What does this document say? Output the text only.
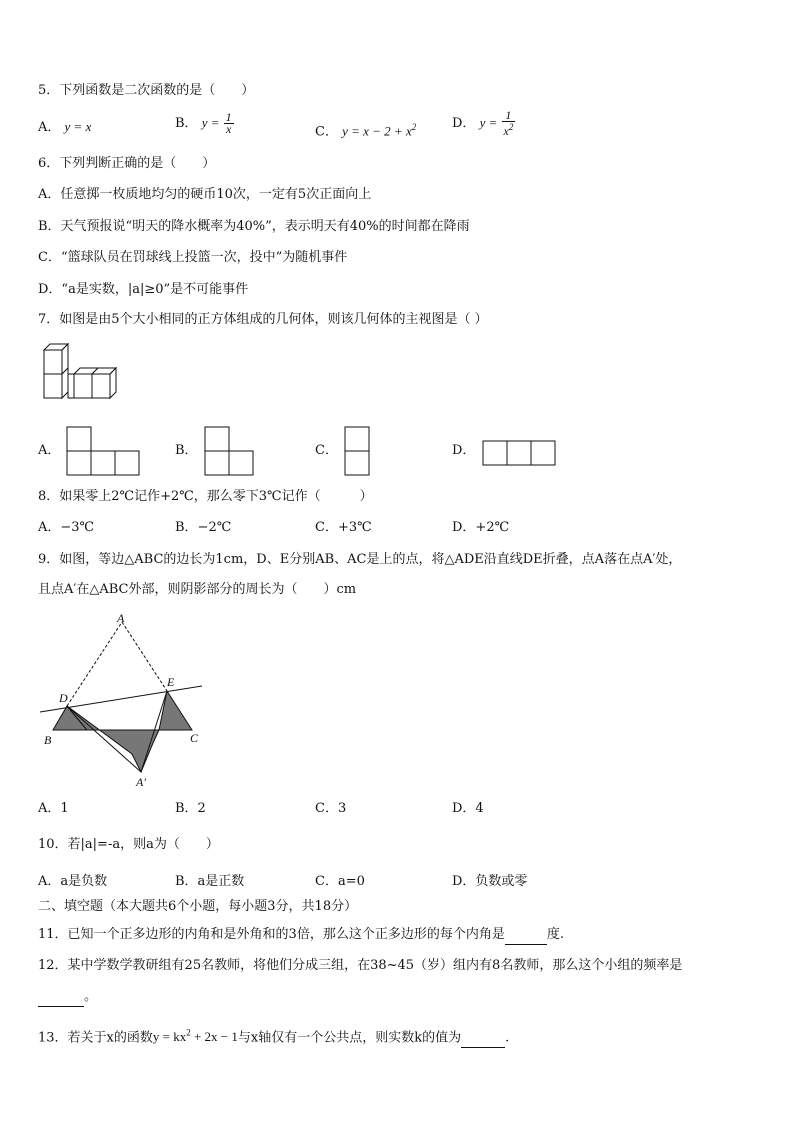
5．下列函数是二次函数的是（　　）
A． y = x	B． $y = \frac{1}{x}$	C． $y = x - 2 + x^2$	D． $y = \frac{1}{x^2}$
6．下列判断正确的是（　　）
A．任意掷一枚质地均匀的硬币10次，一定有5次正面向上
B．天气预报说“明天的降水概率为40%”，表示明天有40%的时间都在降雨
C．“篮球队员在罚球线上投篮一次，投中”为随机事件
D．“a是实数，|a|≥0”是不可能事件
7．如图是由5个大小相同的正方体组成的几何体，则该几何体的主视图是（ ）
A．	B．	C．	D．
8．如果零上2℃记作+2℃，那么零下3℃记作（　　　）
A．−3℃	B．−2℃	C．+3℃	D．+2℃
9．如图，等边△ABC的边长为1cm，D、E分别AB、AC是上的点，将△ADE沿直线DE折叠，点A落在点A′处，
且点A′在△ABC外部，则阴影部分的周长为（　　）cm
A
D
E
B	C
A′
A．1	B．2	C．3	D．4
10．若|a|=-a，则a为（　　）
A．a是负数	B．a是正数	C．a=0	D．负数或零
二、填空题（本大题共6个小题，每小题3分，共18分）
11．已知一个正多边形的内角和是外角和的3倍，那么这个正多边形的每个内角是	度.
12．某中学数学教研组有25名教师，将他们分成三组，在38~45（岁）组内有8名教师，那么这个小组的频率是
。
13．若关于x的函数$y = kx^2 + 2x - 1$与x轴仅有一个公共点，则实数k的值为	.
